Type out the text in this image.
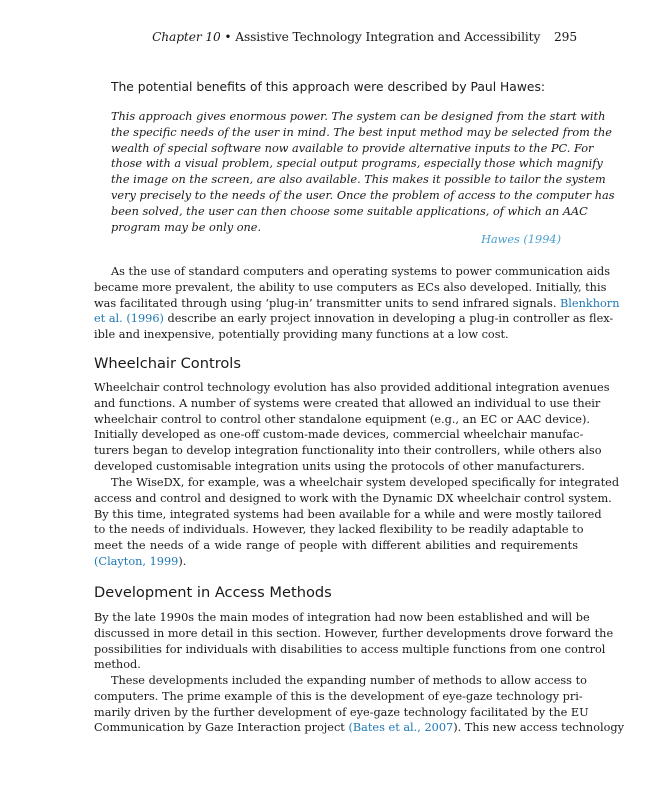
Chapter 10 • Assistive Technology Integration and Accessibility 295
The potential benefits of this approach were described by Paul Hawes:
This approach gives enormous power. The system can be designed from the start with
the specific needs of the user in mind. The best input method may be selected from the
wealth of special software now available to provide alternative inputs to the PC. For
those with a visual problem, special output programs, especially those which magnify
the image on the screen, are also available. This makes it possible to tailor the system
very precisely to the needs of the user. Once the problem of access to the computer has
been solved, the user can then choose some suitable applications, of which an AAC
program may be only one.
Hawes (1994)
As the use of standard computers and operating systems to power communication aids
became more prevalent, the ability to use computers as ECs also developed. Initially, this
was facilitated through using ‘plug-in’ transmitter units to send infrared signals. Blenkhorn
et al. (1996) describe an early project innovation in developing a plug-in controller as flex-
ible and inexpensive, potentially providing many functions at a low cost.
Wheelchair Controls
Wheelchair control technology evolution has also provided additional integration avenues
and functions. A number of systems were created that allowed an individual to use their
wheelchair control to control other standalone equipment (e.g., an EC or AAC device).
Initially developed as one-off custom-made devices, commercial wheelchair manufac-
turers began to develop integration functionality into their controllers, while others also
developed customisable integration units using the protocols of other manufacturers.
The WiseDX, for example, was a wheelchair system developed specifically for integrated
access and control and designed to work with the Dynamic DX wheelchair control system.
By this time, integrated systems had been available for a while and were mostly tailored
to the needs of individuals. However, they lacked flexibility to be readily adaptable to
meet the needs of a wide range of people with different abilities and requirements
(Clayton, 1999).
Development in Access Methods
By the late 1990s the main modes of integration had now been established and will be
discussed in more detail in this section. However, further developments drove forward the
possibilities for individuals with disabilities to access multiple functions from one control
method.
These developments included the expanding number of methods to allow access to
computers. The prime example of this is the development of eye-gaze technology pri-
marily driven by the further development of eye-gaze technology facilitated by the EU
Communication by Gaze Interaction project (Bates et al., 2007). This new access technology
